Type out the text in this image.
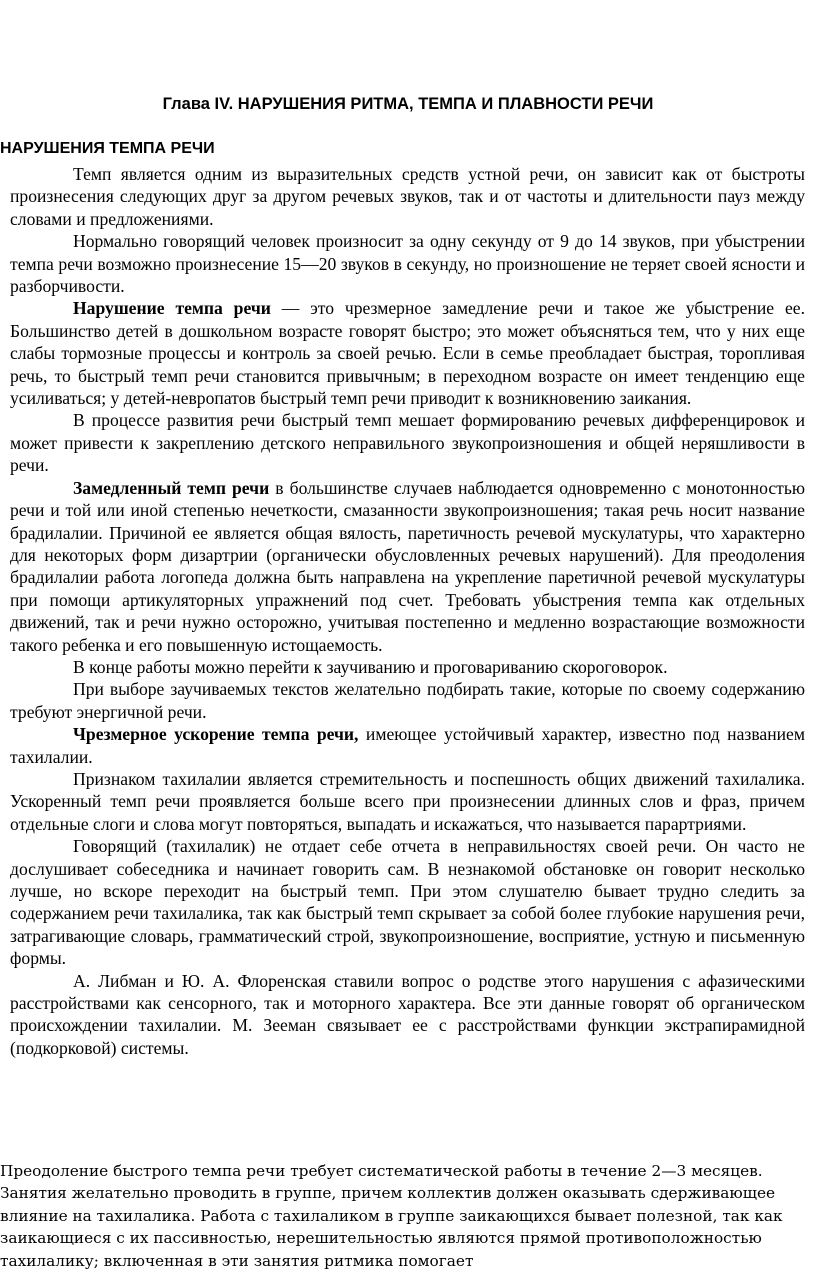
Глава IV. НАРУШЕНИЯ РИТМА, ТЕМПА И ПЛАВНОСТИ РЕЧИ
НАРУШЕНИЯ ТЕМПА РЕЧИ

Темп является одним из выразительных средств устной речи, он зависит как от быстроты произнесения следующих друг за другом речевых звуков, так и от частоты и длительности пауз между словами и предложениями.

Нормально говорящий человек произносит за одну секунду от 9 до 14 звуков, при убыстрении темпа речи возможно произнесение 15—20 звуков в секунду, но произношение не теряет своей ясности и разборчивости.

Нарушение темпа речи — это чрезмерное замедление речи и такое же убыстрение ее. Большинство детей в дошкольном возрасте говорят быстро; это может объясняться тем, что у них еще слабы тормозные процессы и контроль за своей речью. Если в семье преобладает быстрая, торопливая речь, то быстрый темп речи становится привычным; в переходном возрасте он имеет тенденцию еще усиливаться; у детей-невропатов быстрый темп речи приводит к возникновению заикания.

В процессе развития речи быстрый темп мешает формированию речевых дифференцировок и может привести к закреплению детского неправильного звукопроизношения и общей неряшливости в речи.

Замедленный темп речи в большинстве случаев наблюдается одновременно с монотонностью речи и той или иной степенью нечеткости, смазанности звукопроизношения; такая речь носит название брадилалии. Причиной ее является общая вялость, паретичность речевой мускулатуры, что характерно для некоторых форм дизартрии (органически обусловленных речевых нарушений). Для преодоления брадилалии работа логопеда должна быть направлена на укрепление паретичной речевой мускулатуры при помощи артикуляторных упражнений под счет. Требовать убыстрения темпа как отдельных движений, так и речи нужно осторожно, учитывая постепенно и медленно возрастающие возможности такого ребенка и его повышенную истощаемость.

В конце работы можно перейти к заучиванию и проговариванию скороговорок.

При выборе заучиваемых текстов желательно подбирать такие, которые по своему содержанию требуют энергичной речи.

Чрезмерное ускорение темпа речи, имеющее устойчивый характер, известно под названием тахилалии.

Признаком тахилалии является стремительность и поспешность общих движений тахилалика. Ускоренный темп речи проявляется больше всего при произнесении длинных слов и фраз, причем отдельные слоги и слова могут повторяться, выпадать и искажаться, что называется парартриями.

Говорящий (тахилалик) не отдает себе отчета в неправильностях своей речи. Он часто не дослушивает собеседника и начинает говорить сам. В незнакомой обстановке он говорит несколько лучше, но вскоре переходит на быстрый темп. При этом слушателю бывает трудно следить за содержанием речи тахилалика, так как быстрый темп скрывает за собой более глубокие нарушения речи, затрагивающие словарь, грамматический строй, звукопроизношение, восприятие, устную и письменную формы.

А. Либман и Ю. А. Флоренская ставили вопрос о родстве этого нарушения с афазическими расстройствами как сенсорного, так и моторного характера. Все эти данные говорят об органическом происхождении тахилалии. М. Зееман связывает ее с расстройствами функции экстрапирамидной (подкорковой) системы.

Преодоление быстрого темпа речи требует систематической работы в течение 2—3 месяцев. Занятия желательно проводить в группе, причем коллектив должен оказывать сдерживающее влияние на тахилалика. Работа с тахилаликом в группе заикающихся бывает полезной, так как заикающиеся с их пассивностью, нерешительностью являются прямой противоположностью тахилалику; включенная в эти занятия ритмика помогает
